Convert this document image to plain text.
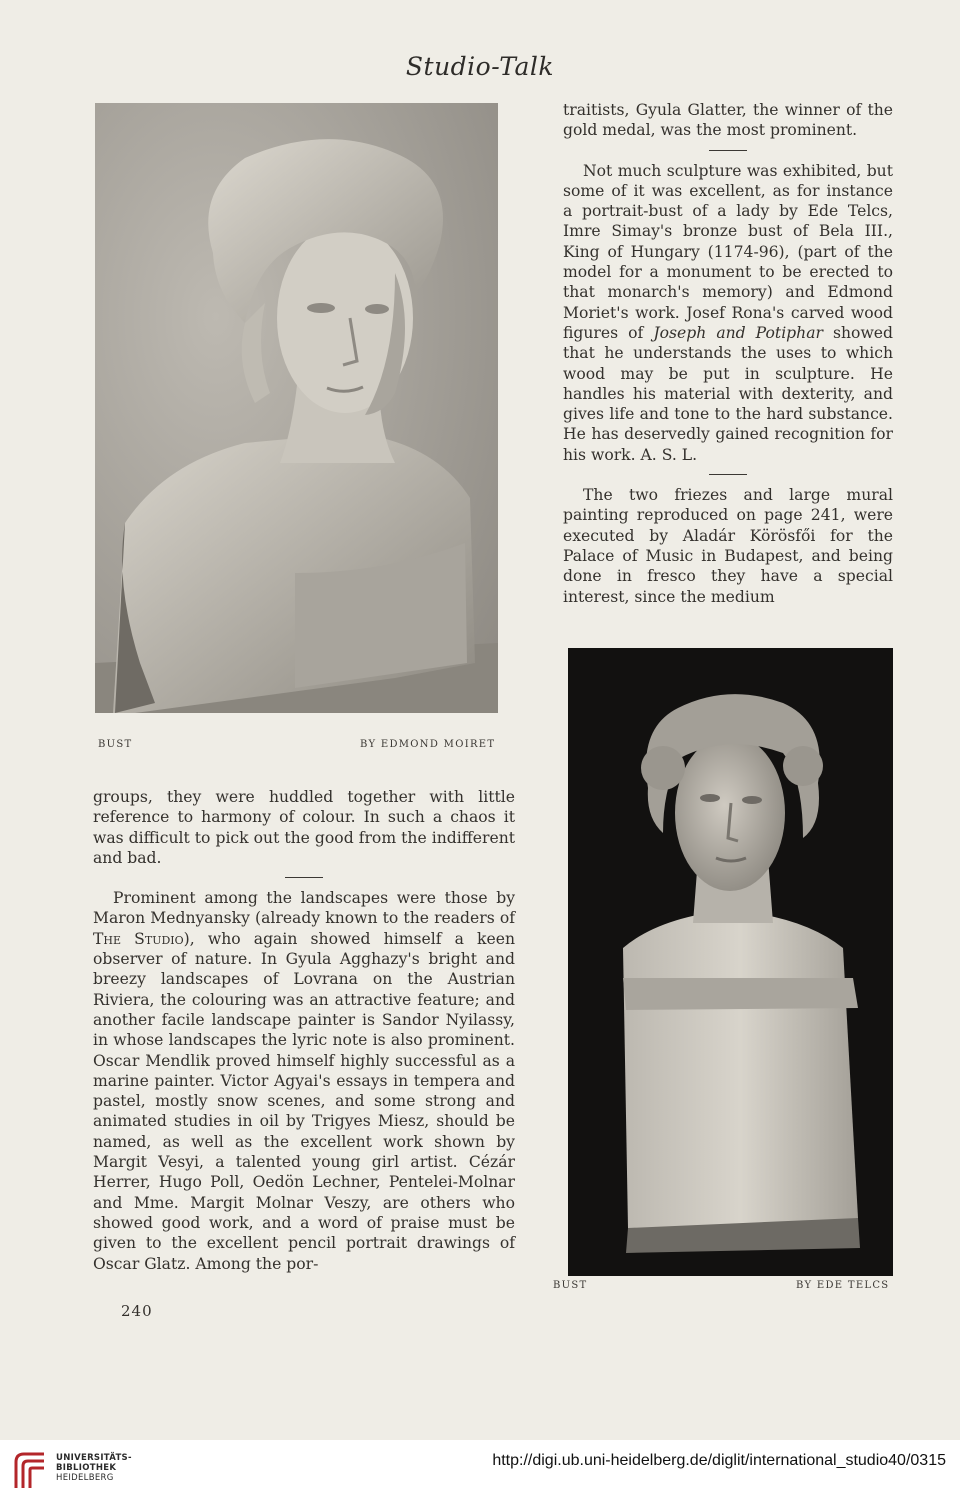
Studio-Talk
BUST	BY EDMOND MOIRET

traitists, Gyula Glatter, the winner of the gold medal, was the most prominent.

Not much sculpture was exhibited, but some of it was excellent, as for instance a portrait-bust of a lady by Ede Telcs, Imre Simay's bronze bust of Bela III., King of Hungary (1174-96), (part of the model for a monument to be erected to that monarch's memory) and Edmond Moriet's work. Josef Rona's carved wood figures of Joseph and Potiphar showed that he understands the uses to which wood may be put in sculpture. He handles his material with dexterity, and gives life and tone to the hard substance. He has deservedly gained recognition for his work. A. S. L.

The two friezes and large mural painting reproduced on page 241, were executed by Aladár Körösfői for the Palace of Music in Budapest, and being done in fresco they have a special interest, since the medium

BUST	BY EDE TELCS

groups, they were huddled together with little reference to harmony of colour. In such a chaos it was difficult to pick out the good from the indifferent and bad.

Prominent among the landscapes were those by Maron Mednyansky (already known to the readers of The Studio), who again showed himself a keen observer of nature. In Gyula Agghazy's bright and breezy landscapes of Lovrana on the Austrian Riviera, the colouring was an attractive feature; and another facile landscape painter is Sandor Nyilassy, in whose landscapes the lyric note is also prominent. Oscar Mendlik proved himself highly successful as a marine painter. Victor Agyai's essays in tempera and pastel, mostly snow scenes, and some strong and animated studies in oil by Trigyes Miesz, should be named, as well as the excellent work shown by Margit Vesyi, a talented young girl artist. Cézár Herrer, Hugo Poll, Oedön Lechner, Pentelei-Molnar and Mme. Margit Molnar Veszy, are others who showed good work, and a word of praise must be given to the excellent pencil portrait drawings of Oscar Glatz. Among the por-

240
UNIVERSITÄTS-
BIBLIOTHEK
HEIDELBERG
http://digi.ub.uni-heidelberg.de/diglit/international_studio40/0315
